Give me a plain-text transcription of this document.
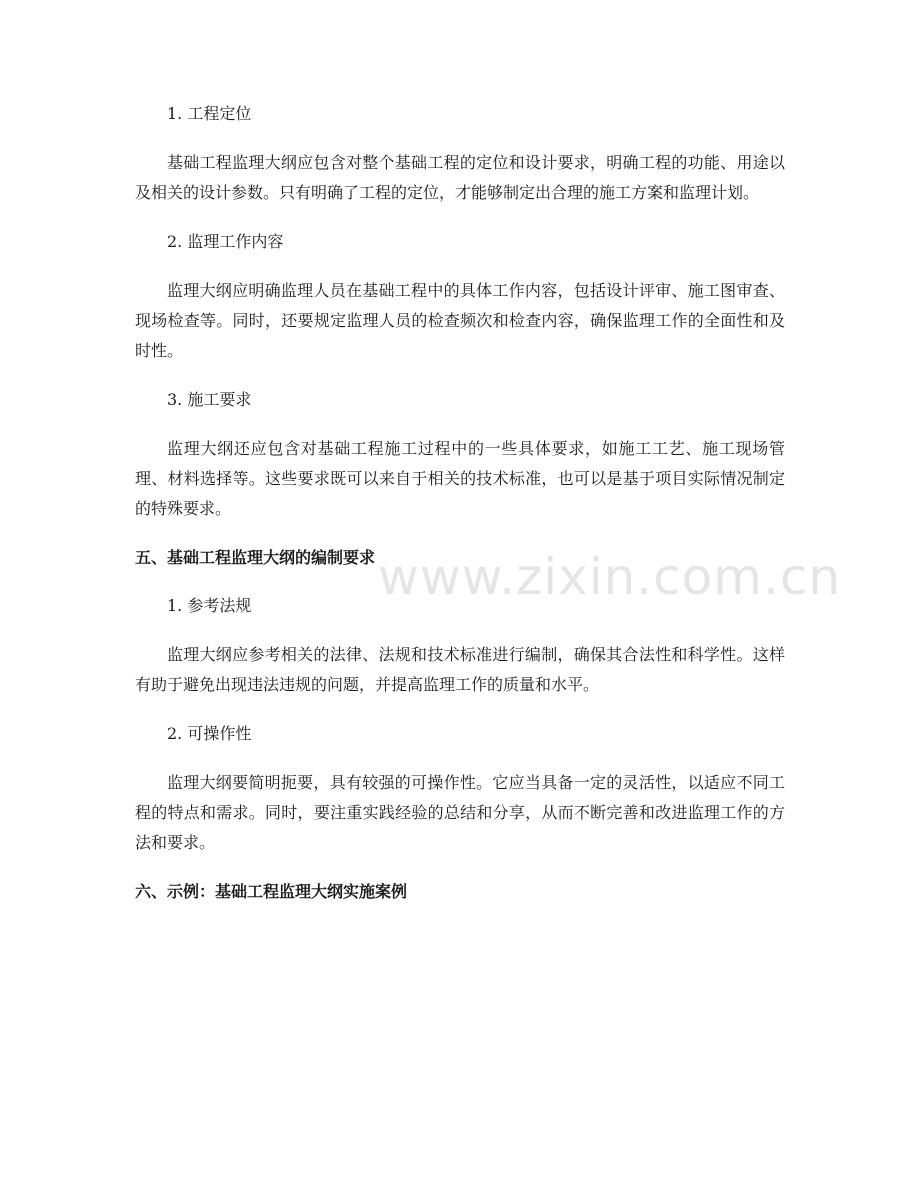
1. 工程定位
基础工程监理大纲应包含对整个基础工程的定位和设计要求，明确工程的功能、用途以及相关的设计参数。只有明确了工程的定位，才能够制定出合理的施工方案和监理计划。
2. 监理工作内容
监理大纲应明确监理人员在基础工程中的具体工作内容，包括设计评审、施工图审查、现场检查等。同时，还要规定监理人员的检查频次和检查内容，确保监理工作的全面性和及时性。
3. 施工要求
监理大纲还应包含对基础工程施工过程中的一些具体要求，如施工工艺、施工现场管理、材料选择等。这些要求既可以来自于相关的技术标准，也可以是基于项目实际情况制定的特殊要求。
五、基础工程监理大纲的编制要求
1. 参考法规
监理大纲应参考相关的法律、法规和技术标准进行编制，确保其合法性和科学性。这样有助于避免出现违法违规的问题，并提高监理工作的质量和水平。
2. 可操作性
监理大纲要简明扼要，具有较强的可操作性。它应当具备一定的灵活性，以适应不同工程的特点和需求。同时，要注重实践经验的总结和分享，从而不断完善和改进监理工作的方法和要求。
六、示例：基础工程监理大纲实施案例
www.zixin.com.cn
